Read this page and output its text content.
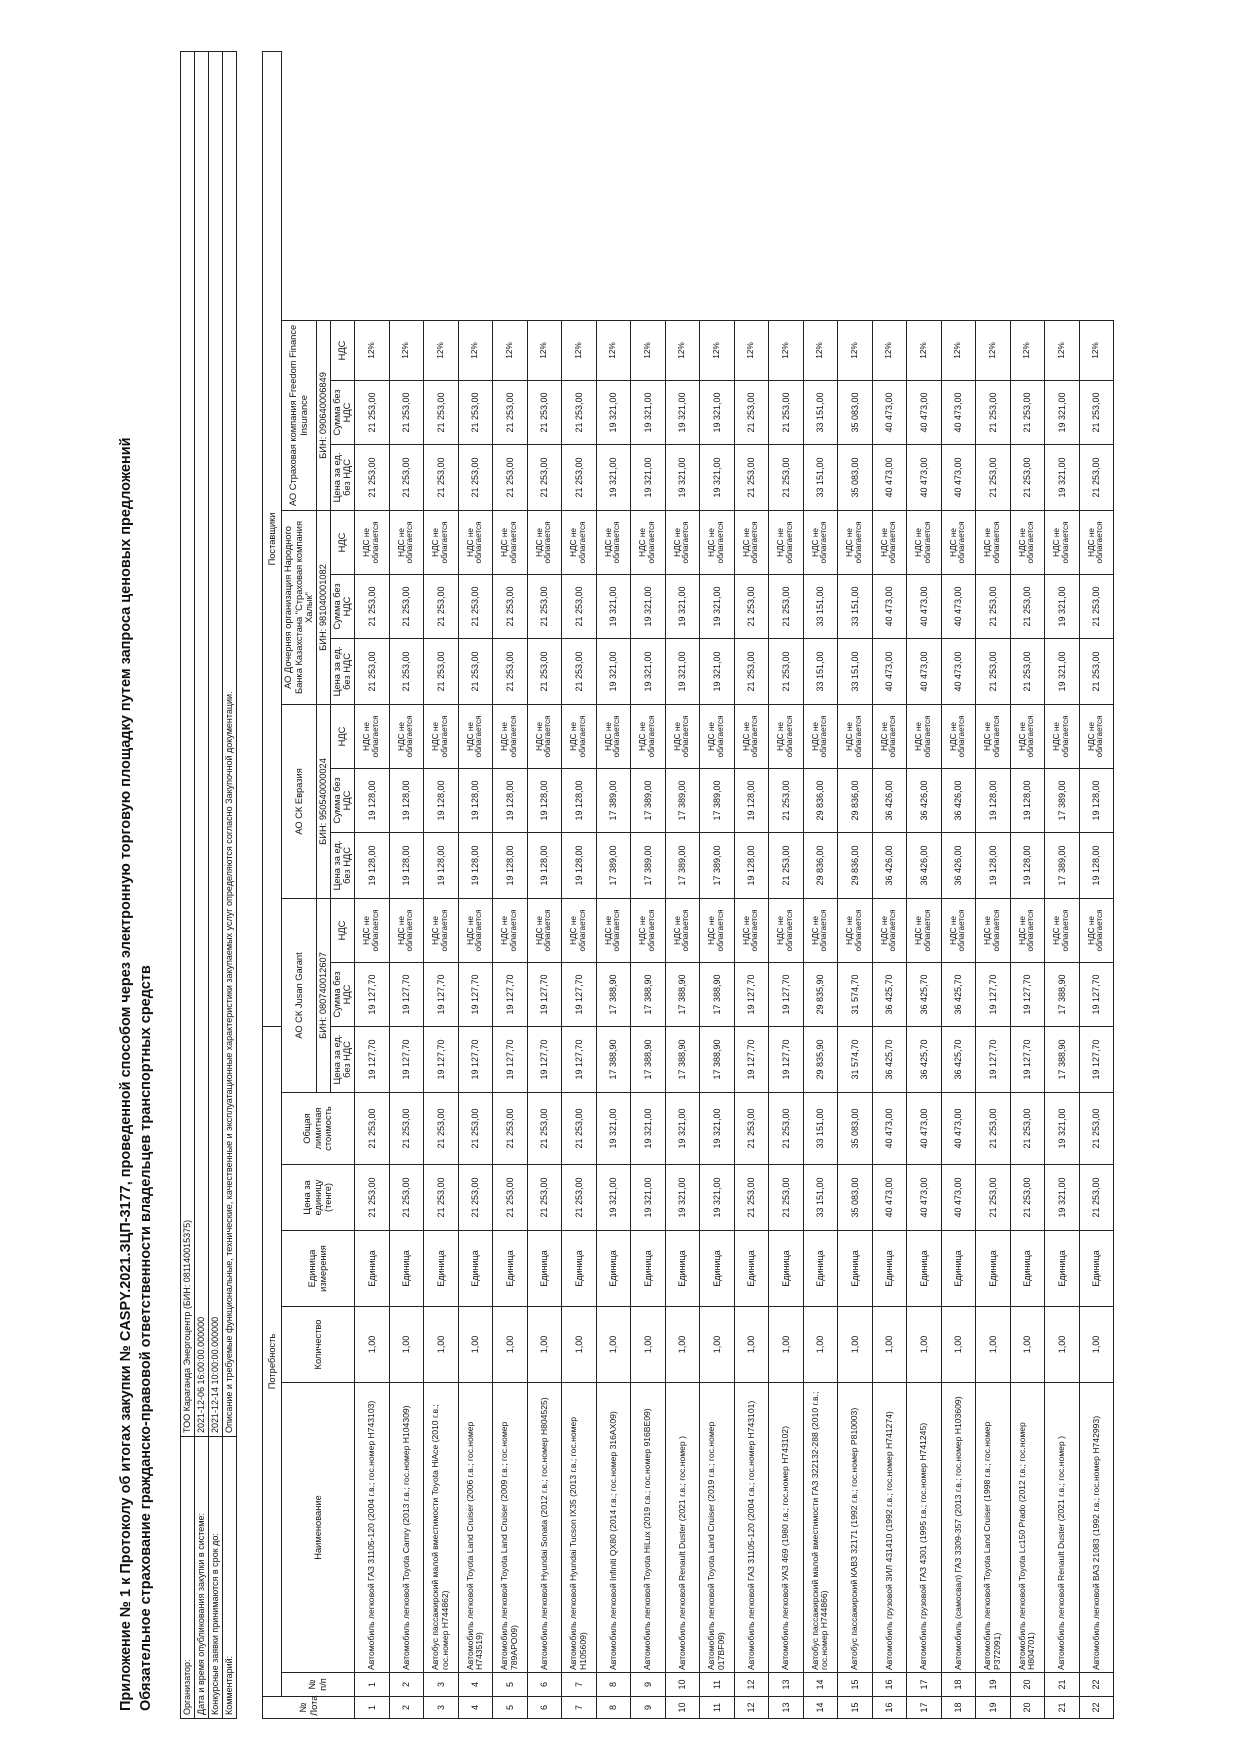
Приложение № 1 к Протоколу об итогах закупки № CASPY.2021.ЗЦП-3177, проведенной способом через электронную торговую площадку путем запроса ценовых предложений Обязательное страхование гражданско-правовой ответственности владельцев транспортных средств	Организатор:	ТОО Караганда Энергоцентр (БИН: 081140015375)
Дата и время опубликования закупки в системе:	2021-12-06 16:00:00.000000
Конкурсные заявки принимаются в срок до:	2021-12-14 10:00:00.000000
Комментарий:	Описание и требуемые функциональные, технические, качественные и эксплуатационные характеристики закупаемых услуг определяются согласно Закупочной документации.
№ Лота	Потребность							Поставщики										
	№ п/п	Наименование	Количество	Единица измерения	Цена за единицу (тенге)	Общая лимитная стоимость	АО СК Jusan Garant			АО СК Евразия			АО Дочерняя организация Народного Банка Казахстана "Страховая компания Халык"			АО Страховая компания Freedom Finance Insurance		
							БИН: 080740012607			БИН: 950540000024			БИН: 981040001082			БИН: 090640006849		
							Цена за ед. без НДС	Сумма без НДС	НДС	Цена за ед. без НДС	Сумма без НДС	НДС	Цена за ед. без НДС	Сумма без НДС	НДС	Цена за ед. без НДС	Сумма без НДС	НДС
1	1	Автомобиль легковой ГАЗ 31105-120 (2004 г.в.; гос.номер H743103)	1,00	Единица	21 253,00	21 253,00	19 127,70	19 127,70	НДС не облагается	19 128,00	19 128,00	НДС не облагается	21 253,00	21 253,00	НДС не облагается	21 253,00	21 253,00	12%
2	2	Автомобиль легковой Toyota Camry (2013 г.в.; гос.номер H104309)	1,00	Единица	21 253,00	21 253,00	19 127,70	19 127,70	НДС не облагается	19 128,00	19 128,00	НДС не облагается	21 253,00	21 253,00	НДС не облагается	21 253,00	21 253,00	12%
3	3	Автобус пассажирский малой вместимости Toyota HiAce (2010 г.в.; гос.номер H744862)	1,00	Единица	21 253,00	21 253,00	19 127,70	19 127,70	НДС не облагается	19 128,00	19 128,00	НДС не облагается	21 253,00	21 253,00	НДС не облагается	21 253,00	21 253,00	12%
4	4	Автомобиль легковой Toyota Land Cruiser (2006 г.в.; гос.номер H743519)	1,00	Единица	21 253,00	21 253,00	19 127,70	19 127,70	НДС не облагается	19 128,00	19 128,00	НДС не облагается	21 253,00	21 253,00	НДС не облагается	21 253,00	21 253,00	12%
5	5	Автомобиль легковой Toyota Land Cruiser (2009 г.в.; гос.номер 789APO09)	1,00	Единица	21 253,00	21 253,00	19 127,70	19 127,70	НДС не облагается	19 128,00	19 128,00	НДС не облагается	21 253,00	21 253,00	НДС не облагается	21 253,00	21 253,00	12%
6	6	Автомобиль легковой Hyundai Sonata (2012 г.в.; гос.номер H804525)	1,00	Единица	21 253,00	21 253,00	19 127,70	19 127,70	НДС не облагается	19 128,00	19 128,00	НДС не облагается	21 253,00	21 253,00	НДС не облагается	21 253,00	21 253,00	12%
7	7	Автомобиль легковой Hyundai Tucson IX35 (2013 г.в.; гос.номер H105609)	1,00	Единица	21 253,00	21 253,00	19 127,70	19 127,70	НДС не облагается	19 128,00	19 128,00	НДС не облагается	21 253,00	21 253,00	НДС не облагается	21 253,00	21 253,00	12%
8	8	Автомобиль легковой Infiniti QX80 (2014 г.в.; гос.номер 316AX09)	1,00	Единица	19 321,00	19 321,00	17 388,90	17 388,90	НДС не облагается	17 389,00	17 389,00	НДС не облагается	19 321,00	19 321,00	НДС не облагается	19 321,00	19 321,00	12%
9	9	Автомобиль легковой Toyota HiLux (2019 г.в.; гос.номер 916BE09)	1,00	Единица	19 321,00	19 321,00	17 388,90	17 388,90	НДС не облагается	17 389,00	17 389,00	НДС не облагается	19 321,00	19 321,00	НДС не облагается	19 321,00	19 321,00	12%
10	10	Автомобиль легковой Renault Duster (2021 г.в.; гос.номер )	1,00	Единица	19 321,00	19 321,00	17 388,90	17 388,90	НДС не облагается	17 389,00	17 389,00	НДС не облагается	19 321,00	19 321,00	НДС не облагается	19 321,00	19 321,00	12%
11	11	Автомобиль легковой Toyota Land Cruiser (2019 г.в.; гос.номер 017BF09)	1,00	Единица	19 321,00	19 321,00	17 388,90	17 388,90	НДС не облагается	17 389,00	17 389,00	НДС не облагается	19 321,00	19 321,00	НДС не облагается	19 321,00	19 321,00	12%
12	12	Автомобиль легковой ГАЗ 31105-120 (2004 г.в.; гос.номер H743101)	1,00	Единица	21 253,00	21 253,00	19 127,70	19 127,70	НДС не облагается	19 128,00	19 128,00	НДС не облагается	21 253,00	21 253,00	НДС не облагается	21 253,00	21 253,00	12%
13	13	Автомобиль легковой УАЗ 469 (1980 г.в.; гос.номер H743102)	1,00	Единица	21 253,00	21 253,00	19 127,70	19 127,70	НДС не облагается	21 253,00	21 253,00	НДС не облагается	21 253,00	21 253,00	НДС не облагается	21 253,00	21 253,00	12%
14	14	Автобус пассажирский малой вместимости ГАЗ 322132-288 (2010 г.в.; гос.номер H744866)	1,00	Единица	33 151,00	33 151,00	29 835,90	29 835,90	НДС не облагается	29 836,00	29 836,00	НДС не облагается	33 151,00	33 151,00	НДС не облагается	33 151,00	33 151,00	12%
15	15	Автобус пассажирский КАВЗ 32171 (1992 г.в.; гос.номер P810003)	1,00	Единица	35 083,00	35 083,00	31 574,70	31 574,70	НДС не облагается	29 836,00	29 836,00	НДС не облагается	33 151,00	33 151,00	НДС не облагается	35 083,00	35 083,00	12%
16	16	Автомобиль грузовой ЗИЛ 431410 (1992 г.в.; гос.номер H741274)	1,00	Единица	40 473,00	40 473,00	36 425,70	36 425,70	НДС не облагается	36 426,00	36 426,00	НДС не облагается	40 473,00	40 473,00	НДС не облагается	40 473,00	40 473,00	12%
17	17	Автомобиль грузовой ГАЗ 4301 (1995 г.в.; гос.номер H741245)	1,00	Единица	40 473,00	40 473,00	36 425,70	36 425,70	НДС не облагается	36 426,00	36 426,00	НДС не облагается	40 473,00	40 473,00	НДС не облагается	40 473,00	40 473,00	12%
18	18	Автомобиль (самосвал) ГАЗ 3309-357 (2013 г.в.; гос.номер H103609)	1,00	Единица	40 473,00	40 473,00	36 425,70	36 425,70	НДС не облагается	36 426,00	36 426,00	НДС не облагается	40 473,00	40 473,00	НДС не облагается	40 473,00	40 473,00	12%
19	19	Автомобиль легковой Toyota Land Cruiser (1998 г.в.; гос.номер P372091)	1,00	Единица	21 253,00	21 253,00	19 127,70	19 127,70	НДС не облагается	19 128,00	19 128,00	НДС не облагается	21 253,00	21 253,00	НДС не облагается	21 253,00	21 253,00	12%
20	20	Автомобиль легковой Toyota Lc150 Prado (2012 г.в.; гос.номер H804701)	1,00	Единица	21 253,00	21 253,00	19 127,70	19 127,70	НДС не облагается	19 128,00	19 128,00	НДС не облагается	21 253,00	21 253,00	НДС не облагается	21 253,00	21 253,00	12%
21	21	Автомобиль легковой Renault Duster (2021 г.в.; гос.номер )	1,00	Единица	19 321,00	19 321,00	17 388,90	17 388,90	НДС не облагается	17 389,00	17 389,00	НДС не облагается	19 321,00	19 321,00	НДС не облагается	19 321,00	19 321,00	12%
22	22	Автомобиль легковой ВАЗ 21083 (1992 г.в.; гос.номер H742993)	1,00	Единица	21 253,00	21 253,00	19 127,70	19 127,70	НДС не облагается	19 128,00	19 128,00	НДС не облагается	21 253,00	21 253,00	НДС не облагается	21 253,00	21 253,00	12%
